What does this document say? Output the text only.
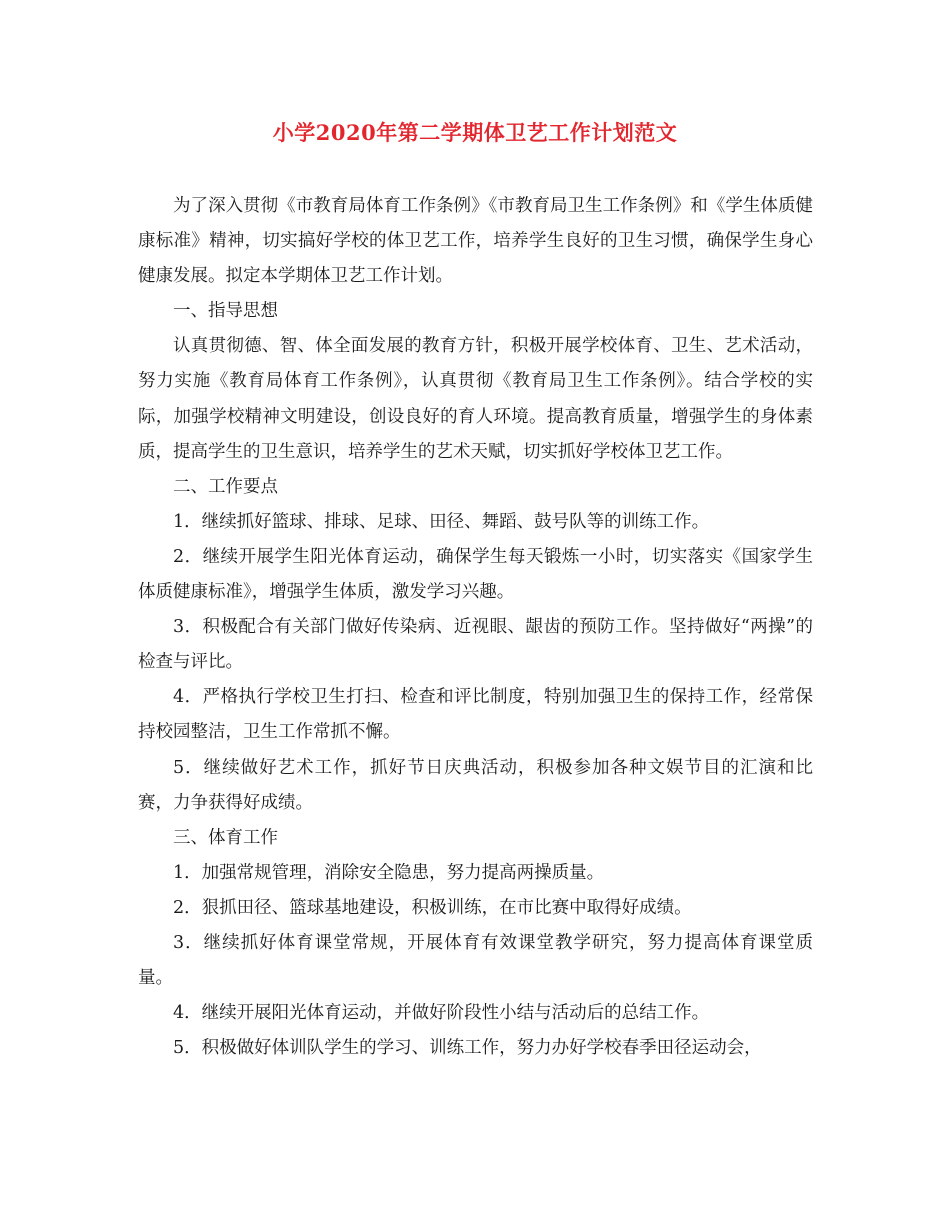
小学2020年第二学期体卫艺工作计划范文

为了深入贯彻《市教育局体育工作条例》《市教育局卫生工作条例》和《学生体质健康标准》精神，切实搞好学校的体卫艺工作，培养学生良好的卫生习惯，确保学生身心健康发展。拟定本学期体卫艺工作计划。

一、指导思想

认真贯彻德、智、体全面发展的教育方针，积极开展学校体育、卫生、艺术活动，努力实施《教育局体育工作条例》，认真贯彻《教育局卫生工作条例》。结合学校的实际，加强学校精神文明建设，创设良好的育人环境。提高教育质量，增强学生的身体素质，提高学生的卫生意识，培养学生的艺术天赋，切实抓好学校体卫艺工作。

二、工作要点

1．继续抓好篮球、排球、足球、田径、舞蹈、鼓号队等的训练工作。

2．继续开展学生阳光体育运动，确保学生每天锻炼一小时，切实落实《国家学生体质健康标准》，增强学生体质，激发学习兴趣。

3．积极配合有关部门做好传染病、近视眼、龈齿的预防工作。坚持做好“两操”的检查与评比。

4．严格执行学校卫生打扫、检查和评比制度，特别加强卫生的保持工作，经常保持校园整洁，卫生工作常抓不懈。

5．继续做好艺术工作，抓好节日庆典活动，积极参加各种文娱节目的汇演和比赛，力争获得好成绩。

三、体育工作

1．加强常规管理，消除安全隐患，努力提高两操质量。

2．狠抓田径、篮球基地建设，积极训练，在市比赛中取得好成绩。

3．继续抓好体育课堂常规，开展体育有效课堂教学研究，努力提高体育课堂质量。

4．继续开展阳光体育运动，并做好阶段性小结与活动后的总结工作。

5．积极做好体训队学生的学习、训练工作，努力办好学校春季田径运动会，
